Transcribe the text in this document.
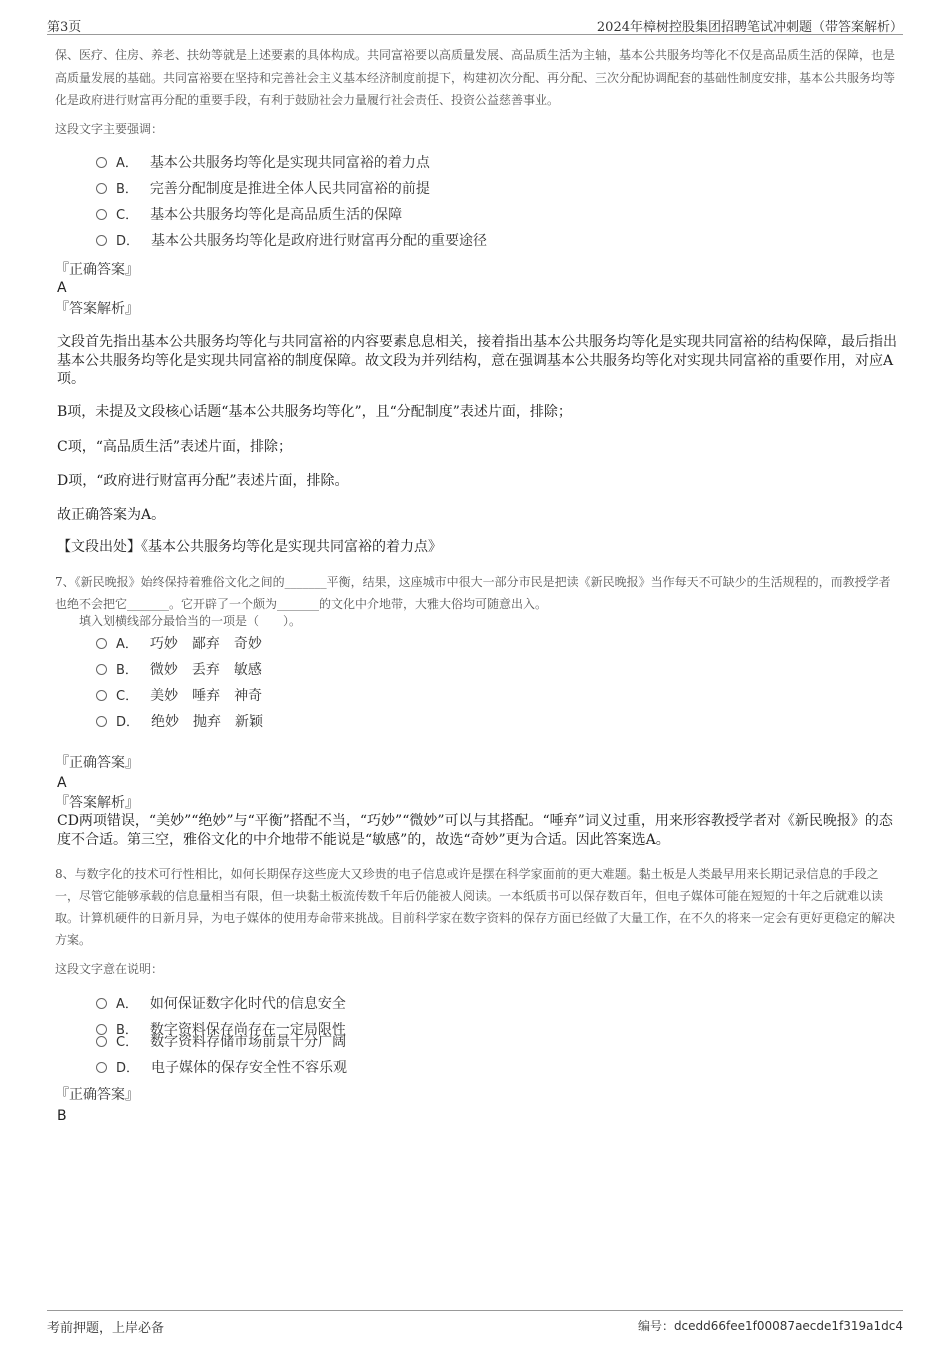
第3页	2024年樟树控股集团招聘笔试冲刺题（带答案解析）

保、医疗、住房、养老、扶幼等就是上述要素的具体构成。共同富裕要以高质量发展、高品质生活为主轴，基本公共服务均等化不仅是高品质生活的保障，也是高质量发展的基础。共同富裕要在坚持和完善社会主义基本经济制度前提下，构建初次分配、再分配、三次分配协调配套的基础性制度安排，基本公共服务均等化是政府进行财富再分配的重要手段，有利于鼓励社会力量履行社会责任、投资公益慈善事业。

这段文字主要强调：
A． 基本公共服务均等化是实现共同富裕的着力点
B． 完善分配制度是推进全体人民共同富裕的前提
C． 基本公共服务均等化是高品质生活的保障
D． 基本公共服务均等化是政府进行财富再分配的重要途径
『正确答案』
A
『答案解析』

文段首先指出基本公共服务均等化与共同富裕的内容要素息息相关，接着指出基本公共服务均等化是实现共同富裕的结构保障，最后指出基本公共服务均等化是实现共同富裕的制度保障。故文段为并列结构，意在强调基本公共服务均等化对实现共同富裕的重要作用，对应A项。

B项，未提及文段核心话题“基本公共服务均等化”，且“分配制度”表述片面，排除；

C项，“高品质生活”表述片面，排除；

D项，“政府进行财富再分配”表述片面，排除。

故正确答案为A。

【文段出处】《基本公共服务均等化是实现共同富裕的着力点》

7、《新民晚报》始终保持着雅俗文化之间的_______平衡，结果，这座城市中很大一部分市民是把读《新民晚报》当作每天不可缺少的生活规程的，而教授学者也绝不会把它_______。它开辟了一个颇为_______的文化中介地带，大雅大俗均可随意出入。

填入划横线部分最恰当的一项是（　　）。
A． 巧妙　鄙弃　奇妙
B． 微妙　丢弃　敏感
C． 美妙　唾弃　神奇
D． 绝妙　抛弃　新颖
『正确答案』
A
『答案解析』

CD两项错误，“美妙”“绝妙”与“平衡”搭配不当，“巧妙”“微妙”可以与其搭配。“唾弃”词义过重，用来形容教授学者对《新民晚报》的态度不合适。第三空，雅俗文化的中介地带不能说是“敏感”的，故选“奇妙”更为合适。因此答案选A。

8、与数字化的技术可行性相比，如何长期保存这些庞大又珍贵的电子信息或许是摆在科学家面前的更大难题。黏土板是人类最早用来长期记录信息的手段之一，尽管它能够承载的信息量相当有限，但一块黏土板流传数千年后仍能被人阅读。一本纸质书可以保存数百年，但电子媒体可能在短短的十年之后就难以读取。计算机硬件的日新月异，为电子媒体的使用寿命带来挑战。目前科学家在数字资料的保存方面已经做了大量工作，在不久的将来一定会有更好更稳定的解决方案。

这段文字意在说明：
A． 如何保证数字化时代的信息安全
B． 数字资料保存尚存在一定局限性
C． 数字资料存储市场前景十分广阔
D． 电子媒体的保存安全性不容乐观
『正确答案』
B
考前押题，上岸必备	编号：dcedd66fee1f00087aecde1f319a1dc4
